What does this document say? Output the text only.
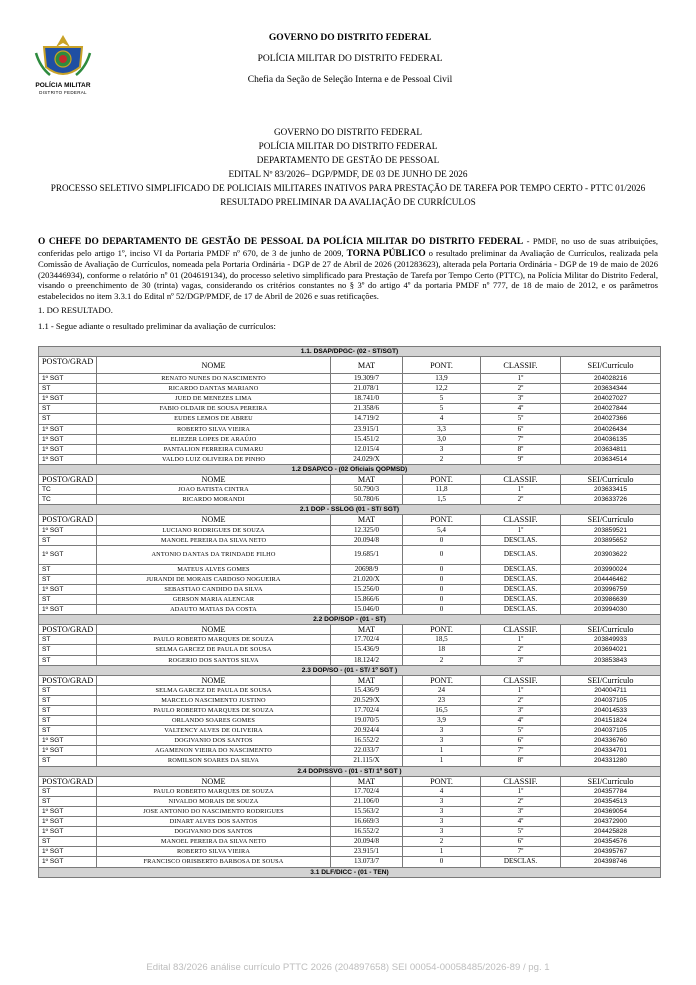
POLÍCIA MILITAR
DISTRITO FEDERAL
GOVERNO DO DISTRITO FEDERAL
POLÍCIA MILITAR DO DISTRITO FEDERAL
Chefia da Seção de Seleção Interna e de Pessoal Civil
GOVERNO DO DISTRITO FEDERAL
POLÍCIA MILITAR DO DISTRITO FEDERAL
DEPARTAMENTO DE GESTÃO DE PESSOAL
EDITAL Nº 83/2026– DGP/PMDF, DE 03 DE JUNHO DE 2026
PROCESSO SELETIVO SIMPLIFICADO DE POLICIAIS MILITARES INATIVOS PARA PRESTAÇÃO DE TAREFA POR TEMPO CERTO - PTTC 01/2026
RESULTADO PRELIMINAR DA AVALIAÇÃO DE CURRÍCULOS
O CHEFE DO DEPARTAMENTO DE GESTÃO DE PESSOAL DA POLÍCIA MILITAR DO DISTRITO FEDERAL - PMDF, no uso de suas atribuições, conferidas pelo artigo 1º, inciso VI da Portaria PMDF nº 670, de 3 de junho de 2009, TORNA PÚBLICO o resultado preliminar da Avaliação de Currículos, realizada pela Comissão de Avaliação de Currículos, nomeada pela Portaria Ordinária - DGP de 27 de Abril de 2026 (201283623), alterada pela Portaria Ordinária - DGP de 19 de maio de 2026 (203446934), conforme o relatório nº 01 (204619134), do processo seletivo simplificado para Prestação de Tarefa por Tempo Certo (PTTC), na Polícia Militar do Distrito Federal, visando o preenchimento de 30 (trinta) vagas, considerando os critérios constantes no § 3º do artigo 4º da portaria PMDF nº 777, de 18 de maio de 2012, e os parâmetros estabelecidos no item 3.3.1 do Edital nº 52/DGP/PMDF, de 17 de Abril de 2026 e suas retificações.
1. DO RESULTADO.
1.1 - Segue adiante o resultado preliminar da avaliação de currículos:
1.1. DSAP/DPGC- (02 - ST/SGT)					
POSTO/GRAD	NOME	MAT	PONT.	CLASSIF.	SEI/Currículo
1º SGT	RENATO NUNES DO NASCIMENTO	19.309/7	13,9	1º	204028216
ST	RICARDO DANTAS MARIANO	21.078/1	12,2	2º	203634344
1º SGT	JUED DE MENEZES LIMA	18.741/0	5	3º	204027027
ST	FABIO OLDAIR DE SOUSA PEREIRA	21.358/6	5	4º	204027844
ST	EUDES LEMOS DE ABREU	14.719/2	4	5º	204027366
1º SGT	ROBERTO SILVA VIEIRA	23.915/1	3,3	6º	204026434
1º SGT	ELIEZER LOPES DE ARAÚJO	15.451/2	3,0	7º	204036135
1º SGT	PANTALION FERREIRA CUMARU	12.015/4	3	8º	203634811
1º SGT	VALDO LUIZ OLIVEIRA DE PINHO	24.029/X	2	9º	203634514
1.2 DSAP/CO - (02 Oficiais QOPMSD)					
POSTO/GRAD	NOME	MAT	PONT.	CLASSIF.	SEI/Currículo
TC	JOAO BATISTA CINTRA	50.790/3	11,8	1º	203633415
TC	RICARDO MORANDI	50.780/6	1,5	2º	203633726
2.1 DOP - SSLOG (01 - ST/ SGT)					
POSTO/GRAD	NOME	MAT	PONT.	CLASSIF.	SEI/Currículo
1º SGT	LUCIANO RODRIGUES DE SOUZA	12.325/0	5,4	1º	203859521
ST	MANOEL PEREIRA DA SILVA NETO	20.094/8	0	DESCLAS.	203895652
1º SGT	ANTONIO DANTAS DA TRINDADE FILHO	19.685/1	0	DESCLAS.	203903622
ST	MATEUS ALVES GOMES	20698/9	0	DESCLAS.	203990024
ST	JURANDI DE MORAIS CARDOSO NOGUEIRA	21.020/X	0	DESCLAS.	204446462
1º SGT	SEBASTIAO CANDIDO DA SILVA	15.256/0	0	DESCLAS.	203996759
ST	GERSON MARIA ALENCAR	15.866/6	0	DESCLAS.	203986639
1º SGT	ADAUTO MATIAS DA COSTA	15.046/0	0	DESCLAS.	203994030
2.2 DOP/SOP - (01 - ST)					
POSTO/GRAD	NOME	MAT	PONT.	CLASSIF.	SEI/Currículo
ST	PAULO ROBERTO MARQUES DE SOUZA	17.702/4	18,5	1º	203849933
ST	SELMA GARCEZ DE PAULA DE SOUSA	15.436/9	18	2º	203694021
ST	ROGERIO DOS SANTOS SILVA	18.124/2	2	3º	203853843
2.3 DOP/SO - (01 - ST/ 1º SGT )					
POSTO/GRAD	NOME	MAT	PONT.	CLASSIF.	SEI/Currículo
ST	SELMA GARCEZ DE PAULA DE SOUSA	15.436/9	24	1º	204004711
ST	MARCELO NASCIMENTO JUSTINO	20.529/X	23	2º	204037105
ST	PAULO ROBERTO MARQUES DE SOUZA	17.702/4	16,5	3º	204014533
ST	ORLANDO SOARES GOMES	19.070/5	3,9	4º	204151824
ST	VALTENCY ALVES DE OLIVEIRA	20.924/4	3	5º	204037105
1º SGT	DOGIVANIO DOS SANTOS	16.552/2	3	6º	204336760
1º SGT	AGAMENON VIEIRA DO NASCIMENTO	22.033/7	1	7º	204334701
ST	ROMILSON SOARES DA SILVA	21.115/X	1	8º	204331280
2.4 DOP/SSVG - (01 - ST/ 1º SGT )					
POSTO/GRAD	NOME	MAT	PONT.	CLASSIF.	SEI/Currículo
ST	PAULO ROBERTO MARQUES DE SOUZA	17.702/4	4	1º	204357784
ST	NIVALDO MORAIS DE SOUZA	21.106/0	3	2º	204354513
1º SGT	JOSE ANTONIO DO NASCIMENTO RODRIGUES	15.563/2	3	3º	204369054
1º SGT	DINART ALVES DOS SANTOS	16.669/3	3	4º	204372900
1º SGT	DOGIVANIO DOS SANTOS	16.552/2	3	5º	204425828
ST	MANOEL PEREIRA DA SILVA NETO	20.094/8	2	6º	204354576
1º SGT	ROBERTO SILVA VIEIRA	23.915/1	1	7º	204395767
1º SGT	FRANCISCO ORISBERTO BARBOSA DE SOUSA	13.073/7	0	DESCLAS.	204398746
3.1 DLF/DICC - (01 - TEN)					
Edital 83/2026 análise currículo PTTC 2026 (204897658) SEI 00054-00058485/2026-89 / pg. 1
